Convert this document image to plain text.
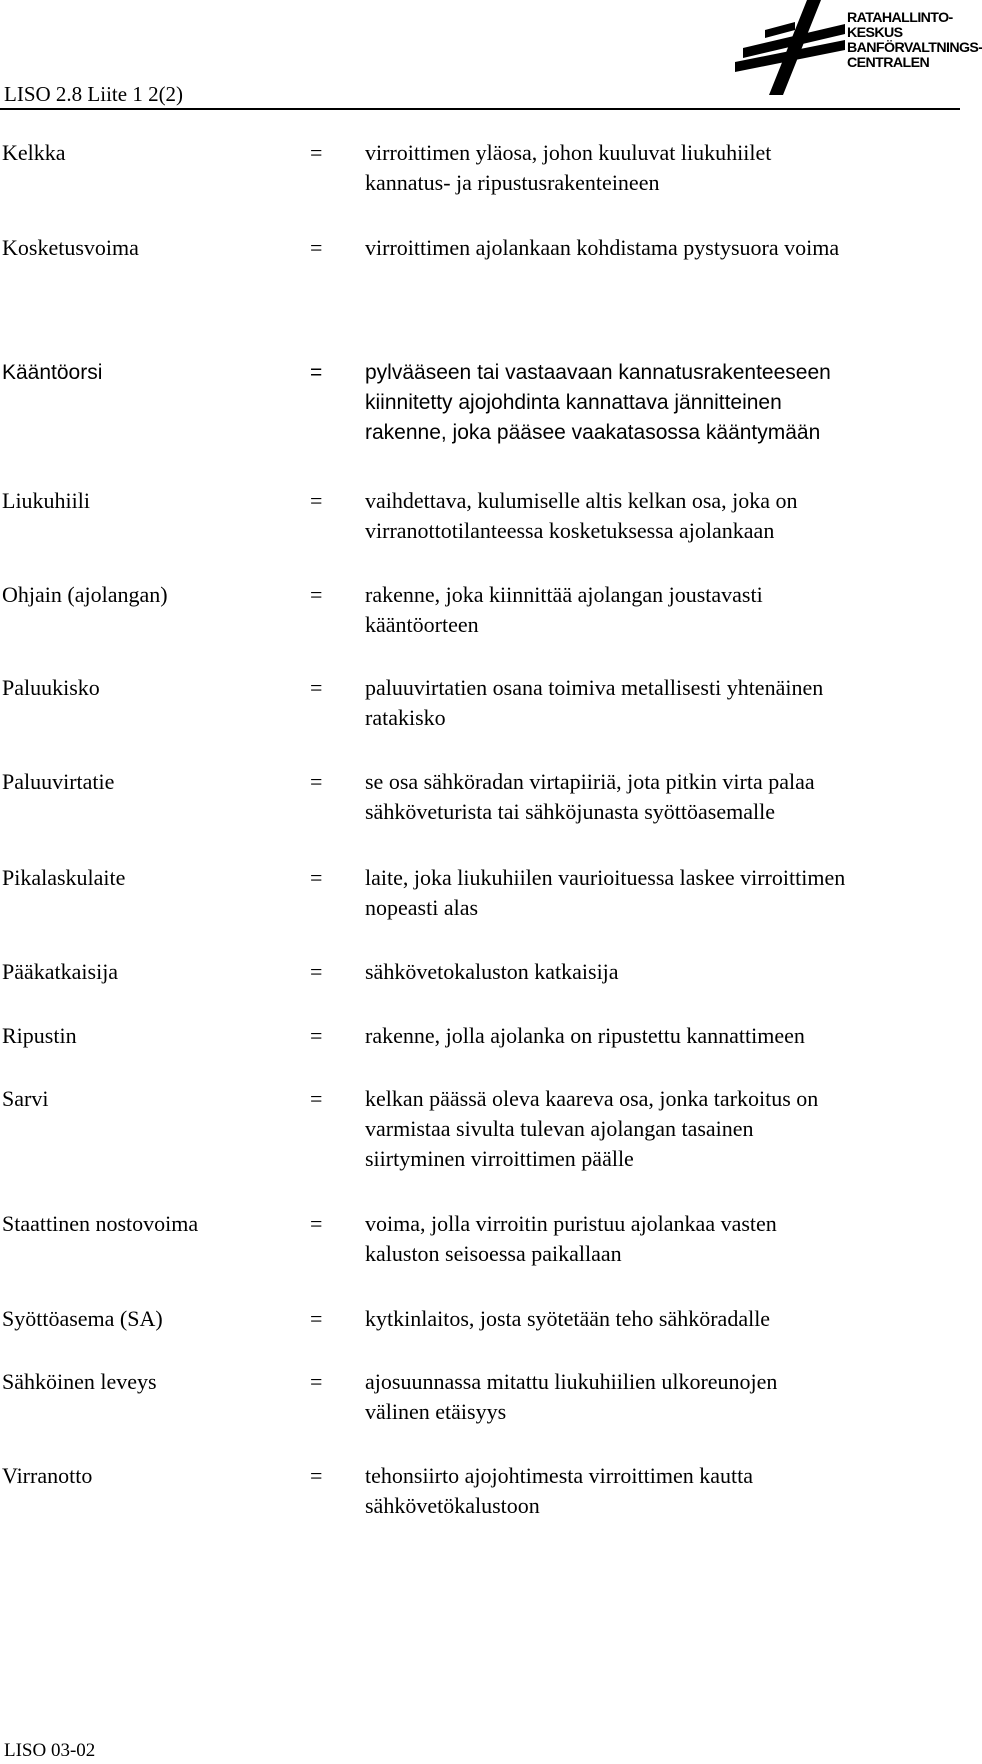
LISO 2.8 Liite 1 2(2)
RATAHALLINTO-
KESKUS
BANFÖRVALTNINGS-
CENTRALEN
Kelkka	= virroittimen yläosa, johon kuuluvat liukuhiilet
kannatus- ja ripustusrakenteineen
Kosketusvoima	= virroittimen ajolankaan kohdistama pystysuora voima
Kääntöorsi	= pylvääseen tai vastaavaan kannatusrakenteeseen
kiinnitetty ajojohdinta kannattava jännitteinen
rakenne, joka pääsee vaakatasossa kääntymään
Liukuhiili	= vaihdettava, kulumiselle altis kelkan osa, joka on
virranottotilanteessa kosketuksessa ajolankaan
Ohjain (ajolangan)	= rakenne, joka kiinnittää ajolangan joustavasti
kääntöorteen
Paluukisko	= paluuvirtatien osana toimiva metallisesti yhtenäinen
ratakisko
Paluuvirtatie	= se osa sähköradan virtapiiriä, jota pitkin virta palaa
sähköveturista tai sähköjunasta syöttöasemalle
Pikalaskulaite	= laite, joka liukuhiilen vaurioituessa laskee virroittimen
nopeasti alas
Pääkatkaisija	= sähkövetokaluston katkaisija
Ripustin	= rakenne, jolla ajolanka on ripustettu kannattimeen
Sarvi	= kelkan päässä oleva kaareva osa, jonka tarkoitus on
varmistaa sivulta tulevan ajolangan tasainen
siirtyminen virroittimen päälle
Staattinen nostovoima	= voima, jolla virroitin puristuu ajolankaa vasten
kaluston seisoessa paikallaan
Syöttöasema (SA)	= kytkinlaitos, josta syötetään teho sähköradalle
Sähköinen leveys	= ajosuunnassa mitattu liukuhiilien ulkoreunojen
välinen etäisyys
Virranotto	= tehonsiirto ajojohtimesta virroittimen kautta
sähkövetökalustoon
LISO 03-02
